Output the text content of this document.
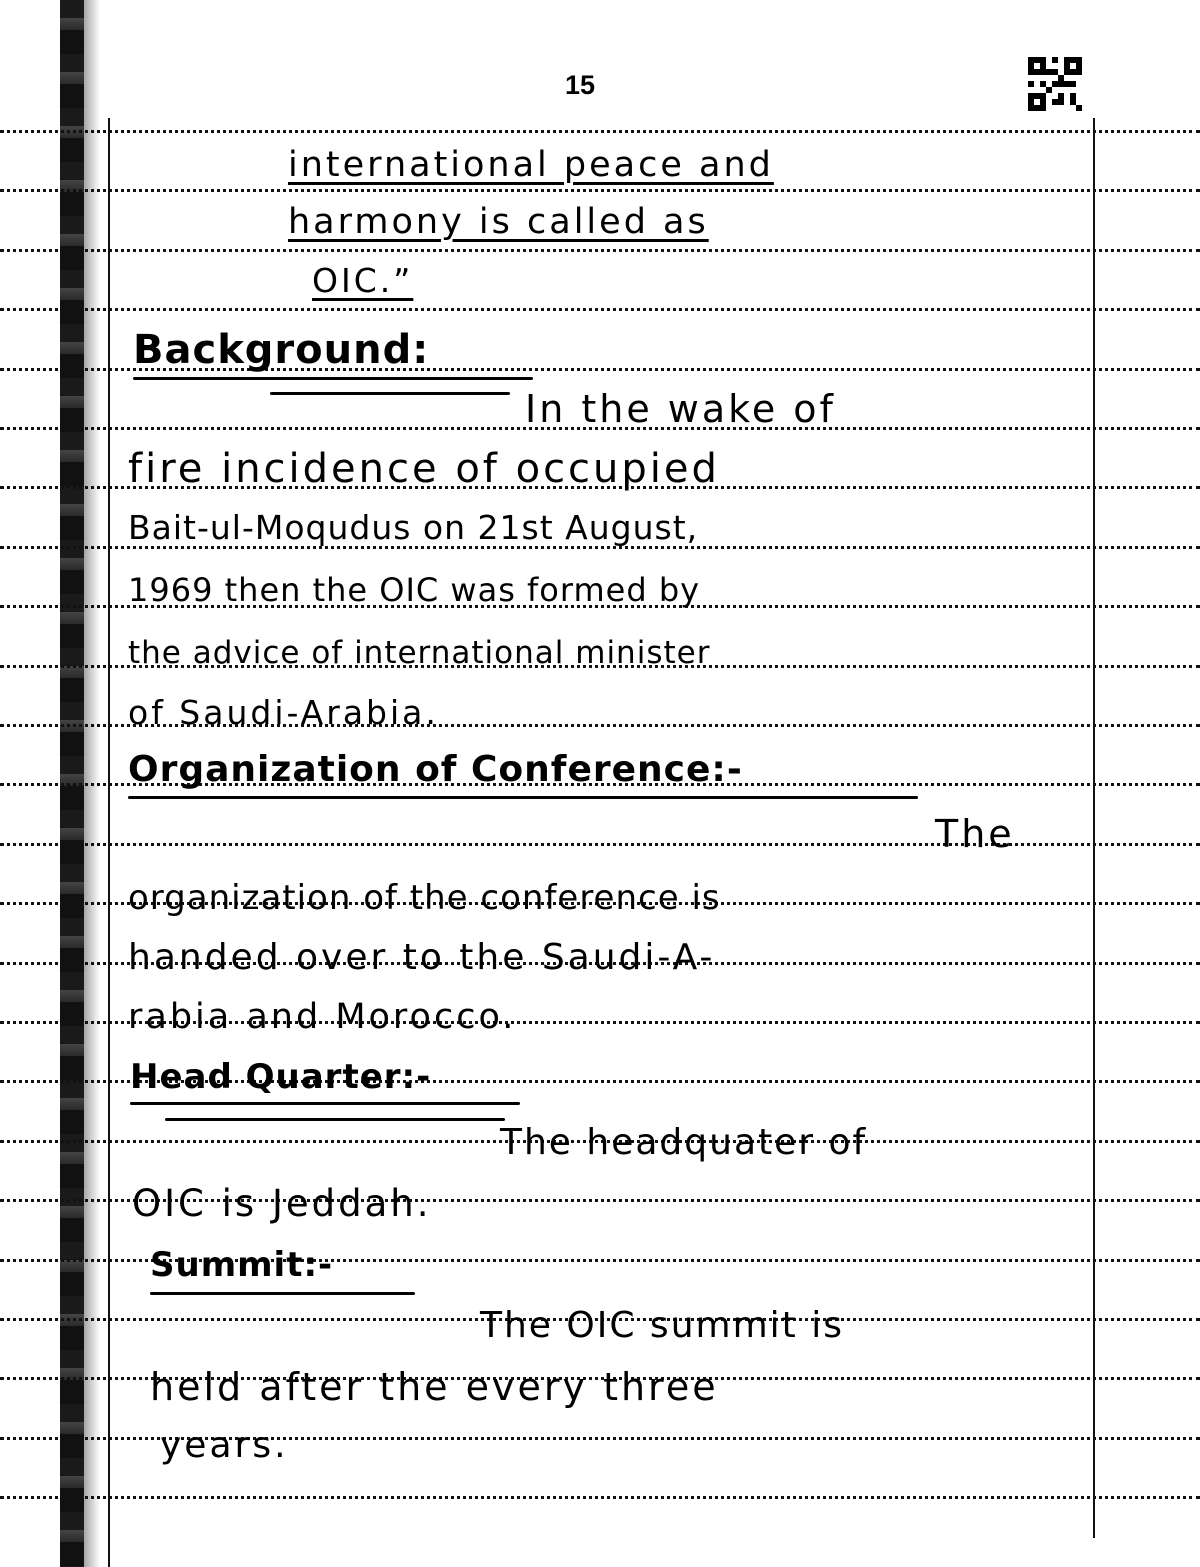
15
international peace and
harmony is called as
OIC.”
Background:
In the wake of
fire incidence of occupied
Bait-ul-Moqudus on 21st August,
1969 then the OIC was formed by
the advice of international minister
of Saudi-Arabia.
Organization of Conference:-
The
organization of the conference is
handed over to the Saudi-A-
rabia and Morocco.
Head Quarter:-
The headquater of
OIC is Jeddah.
Summit:-
The OIC summit is
held after the every three
years.
